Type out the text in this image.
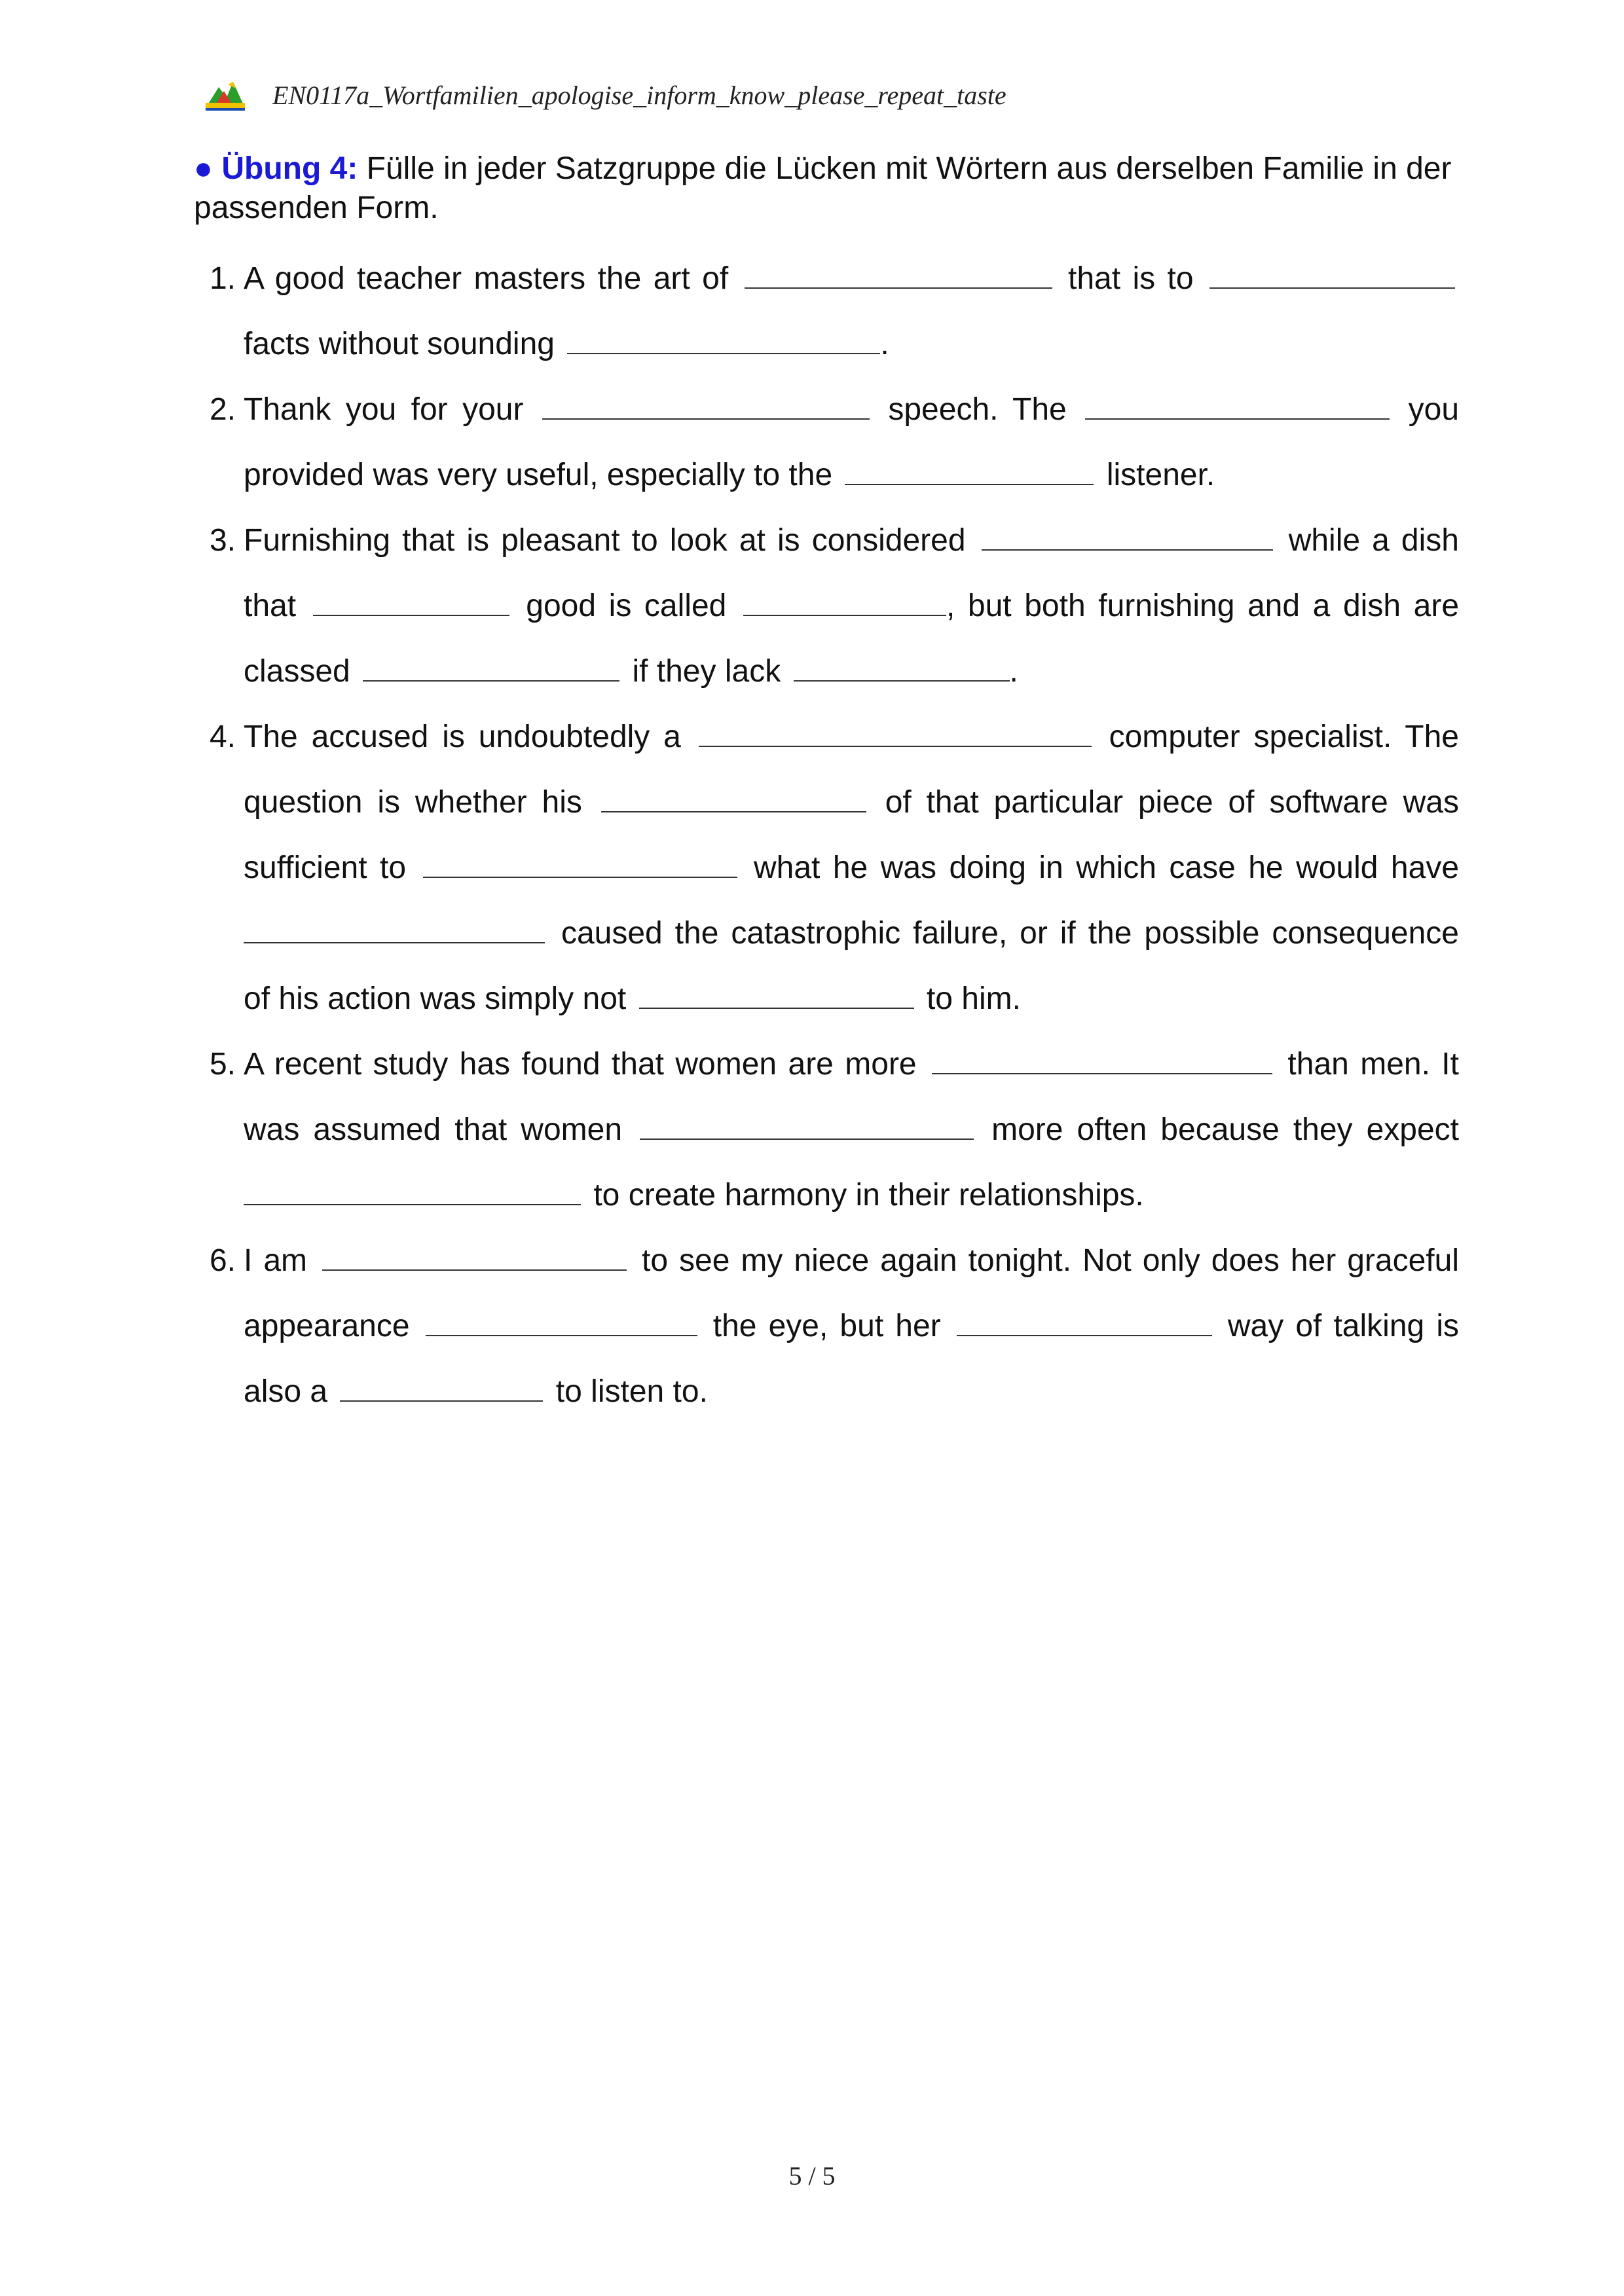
EN0117a_Wortfamilien_apologise_inform_know_please_repeat_taste

● Übung 4: Fülle in jeder Satzgruppe die Lücken mit Wörtern aus derselben Familie in der passenden Form.

1. A good teacher masters the art of	that is to  facts without sounding	.
2. Thank you for your	speech. The	you provided was very useful, especially to the	listener.
3. Furnishing that is pleasant to look at is considered	while a dish that	good is called	, but both furnishing and a dish are classed	if they lack	.
4. The accused is undoubtedly a	computer specialist. The question is whether his	of that particular piece of software was sufficient to	what he was doing in which case he would have  caused the catastrophic failure, or if the possible consequence of his action was simply not	to him.
5. A recent study has found that women are more	than men. It was assumed that women	more often because they expect  to create harmony in their relationships.
6. I am	to see my niece again tonight. Not only does her graceful appearance	the eye, but her	way of talking is also a	to listen to.
5 / 5
